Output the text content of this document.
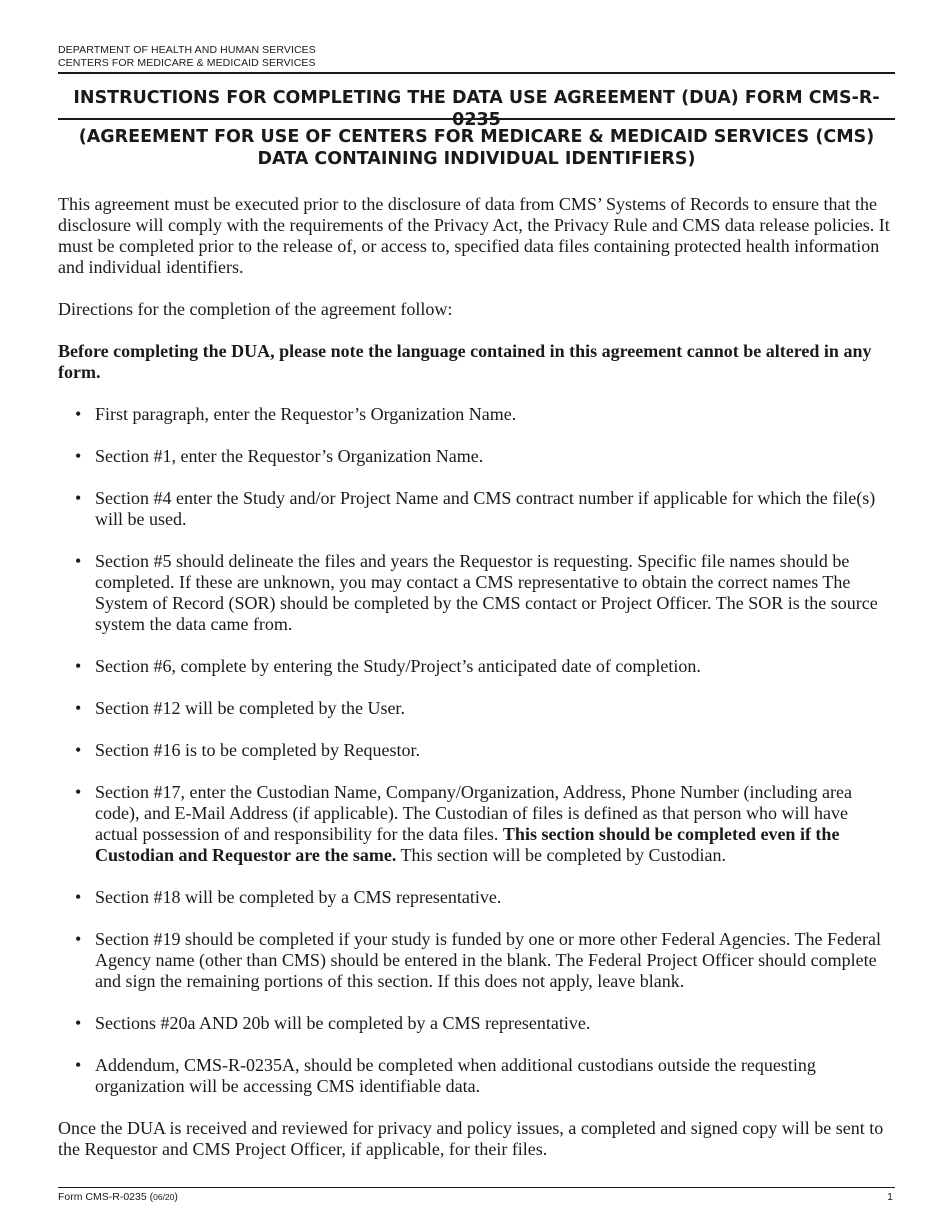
DEPARTMENT OF HEALTH AND HUMAN SERVICES
CENTERS FOR MEDICARE & MEDICAID SERVICES
INSTRUCTIONS FOR COMPLETING THE DATA USE AGREEMENT (DUA) FORM CMS-R-0235
(AGREEMENT FOR USE OF CENTERS FOR MEDICARE & MEDICAID SERVICES (CMS)
DATA CONTAINING INDIVIDUAL IDENTIFIERS)

This agreement must be executed prior to the disclosure of data from CMS’ Systems of Records to ensure that the disclosure will comply with the requirements of the Privacy Act, the Privacy Rule and CMS data release policies. It must be completed prior to the release of, or access to, specified data files containing protected health information and individual identifiers.

Directions for the completion of the agreement follow:

Before completing the DUA, please note the language contained in this agreement cannot be altered in any form.

• First paragraph, enter the Requestor’s Organization Name.
• Section #1, enter the Requestor’s Organization Name.
• Section #4 enter the Study and/or Project Name and CMS contract number if applicable for which the file(s) will be used.
• Section #5 should delineate the files and years the Requestor is requesting. Specific file names should be completed. If these are unknown, you may contact a CMS representative to obtain the correct names The System of Record (SOR) should be completed by the CMS contact or Project Officer. The SOR is the source system the data came from.
• Section #6, complete by entering the Study/Project’s anticipated date of completion.
• Section #12 will be completed by the User.
• Section #16 is to be completed by Requestor.
• Section #17, enter the Custodian Name, Company/Organization, Address, Phone Number (including area code), and E-Mail Address (if applicable). The Custodian of files is defined as that person who will have actual possession of and responsibility for the data files. This section should be completed even if the Custodian and Requestor are the same. This section will be completed by Custodian.
• Section #18 will be completed by a CMS representative.
• Section #19 should be completed if your study is funded by one or more other Federal Agencies. The Federal Agency name (other than CMS) should be entered in the blank. The Federal Project Officer should complete and sign the remaining portions of this section. If this does not apply, leave blank.
• Sections #20a AND 20b will be completed by a CMS representative.
• Addendum, CMS-R-0235A, should be completed when additional custodians outside the requesting organization will be accessing CMS identifiable data.

Once the DUA is received and reviewed for privacy and policy issues, a completed and signed copy will be sent to the Requestor and CMS Project Officer, if applicable, for their files.

Form CMS-R-0235 (06/20)	1
